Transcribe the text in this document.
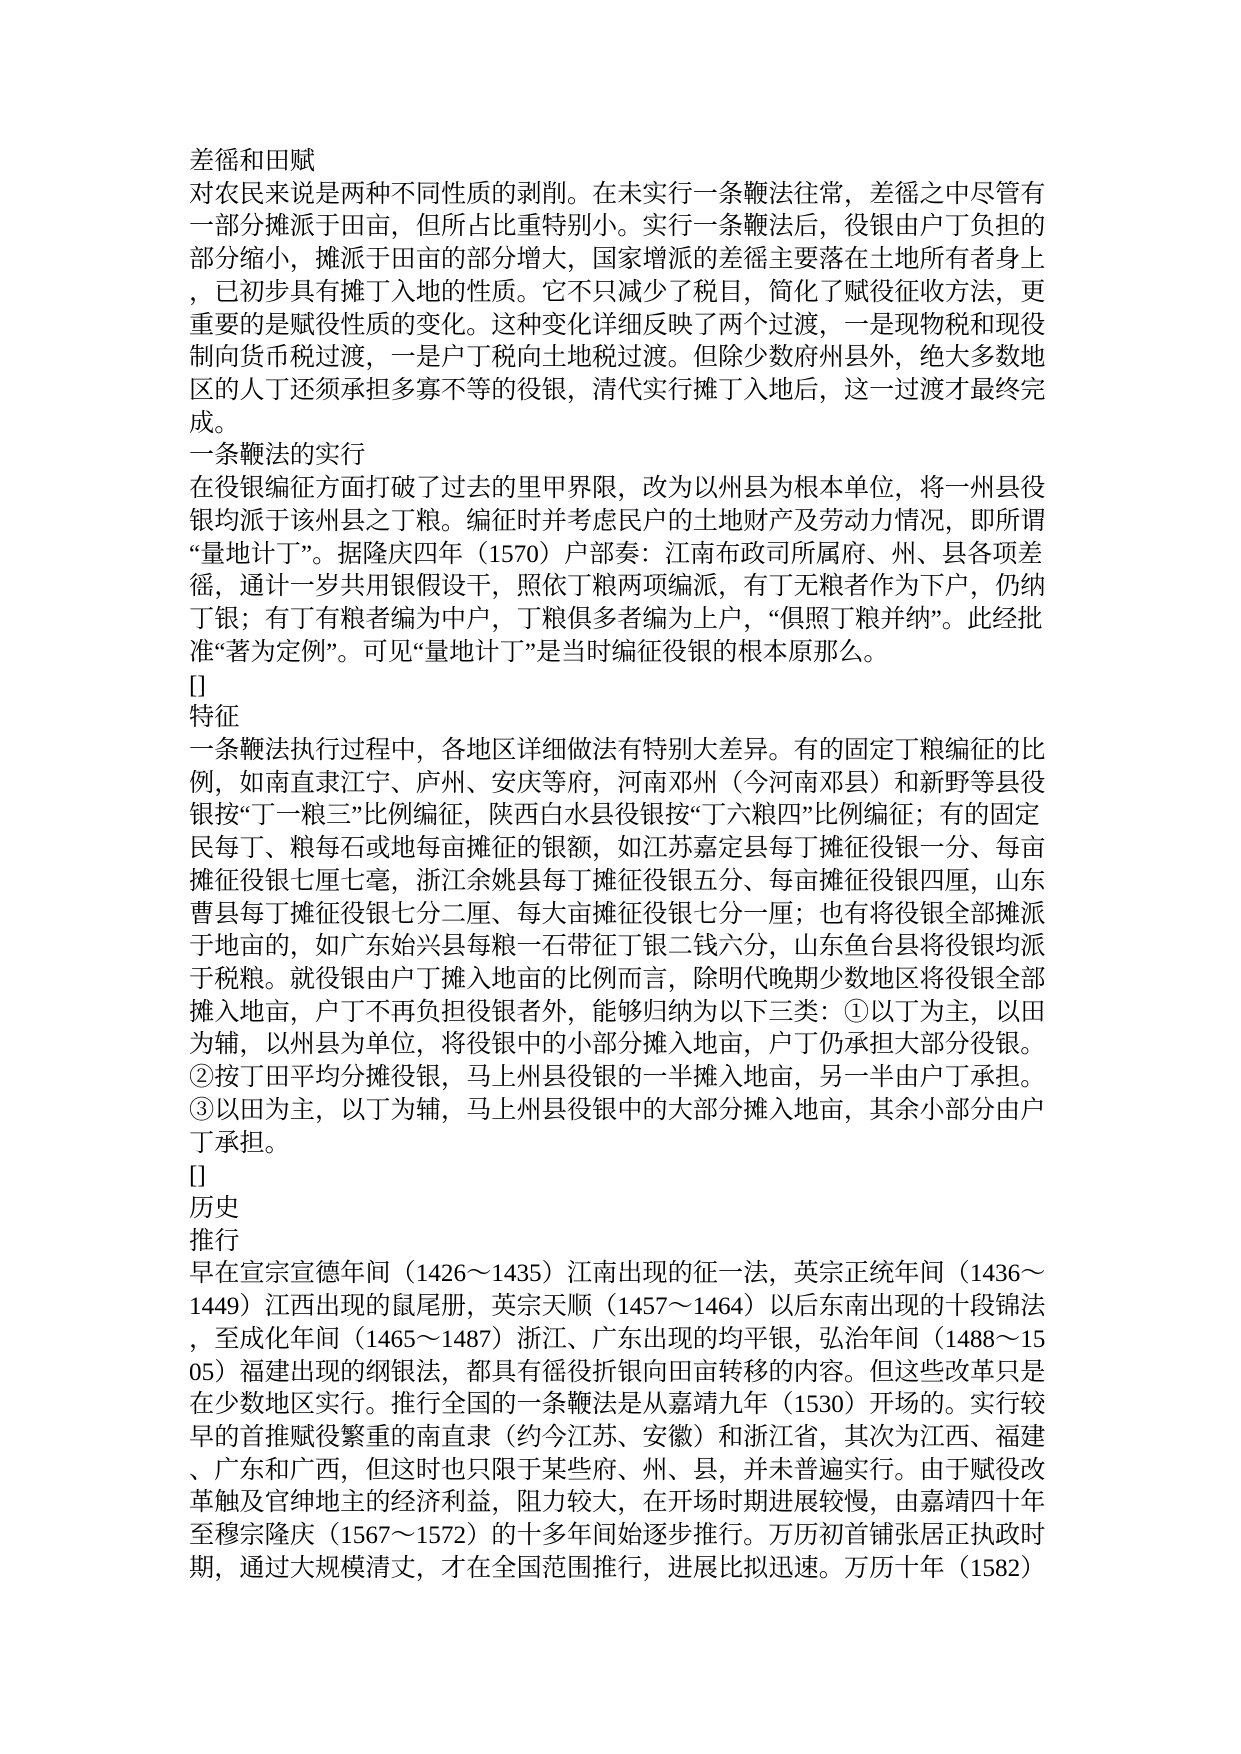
差徭和田赋
对农民来说是两种不同性质的剥削。在未实行一条鞭法往常，差徭之中尽管有
一部分摊派于田亩，但所占比重特别小。实行一条鞭法后，役银由户丁负担的
部分缩小，摊派于田亩的部分增大，国家增派的差徭主要落在土地所有者身上
，已初步具有摊丁入地的性质。它不只减少了税目，简化了赋役征收方法，更
重要的是赋役性质的变化。这种变化详细反映了两个过渡，一是现物税和现役
制向货币税过渡，一是户丁税向土地税过渡。但除少数府州县外，绝大多数地
区的人丁还须承担多寡不等的役银，清代实行摊丁入地后，这一过渡才最终完
成。
一条鞭法的实行
在役银编征方面打破了过去的里甲界限，改为以州县为根本单位，将一州县役
银均派于该州县之丁粮。编征时并考虑民户的土地财产及劳动力情况，即所谓
“量地计丁”。据隆庆四年（1570）户部奏：江南布政司所属府、州、县各项差
徭，通计一岁共用银假设干，照依丁粮两项编派，有丁无粮者作为下户，仍纳
丁银；有丁有粮者编为中户，丁粮俱多者编为上户，“俱照丁粮并纳”。此经批
准“著为定例”。可见“量地计丁”是当时编征役银的根本原那么。
[]
特征
一条鞭法执行过程中，各地区详细做法有特别大差异。有的固定丁粮编征的比
例，如南直隶江宁、庐州、安庆等府，河南邓州（今河南邓县）和新野等县役
银按“丁一粮三”比例编征，陕西白水县役银按“丁六粮四”比例编征；有的固定
民每丁、粮每石或地每亩摊征的银额，如江苏嘉定县每丁摊征役银一分、每亩
摊征役银七厘七毫，浙江余姚县每丁摊征役银五分、每亩摊征役银四厘，山东
曹县每丁摊征役银七分二厘、每大亩摊征役银七分一厘；也有将役银全部摊派
于地亩的，如广东始兴县每粮一石带征丁银二钱六分，山东鱼台县将役银均派
于税粮。就役银由户丁摊入地亩的比例而言，除明代晚期少数地区将役银全部
摊入地亩，户丁不再负担役银者外，能够归纳为以下三类：①以丁为主，以田
为辅，以州县为单位，将役银中的小部分摊入地亩，户丁仍承担大部分役银。
②按丁田平均分摊役银，马上州县役银的一半摊入地亩，另一半由户丁承担。
③以田为主，以丁为辅，马上州县役银中的大部分摊入地亩，其余小部分由户
丁承担。
[]
历史
推行
早在宣宗宣德年间（1426～1435）江南出现的征一法，英宗正统年间（1436～
1449）江西出现的鼠尾册，英宗天顺（1457～1464）以后东南出现的十段锦法
，至成化年间（1465～1487）浙江、广东出现的均平银，弘治年间（1488～15
05）福建出现的纲银法，都具有徭役折银向田亩转移的内容。但这些改革只是
在少数地区实行。推行全国的一条鞭法是从嘉靖九年（1530）开场的。实行较
早的首推赋役繁重的南直隶（约今江苏、安徽）和浙江省，其次为江西、福建
、广东和广西，但这时也只限于某些府、州、县，并未普遍实行。由于赋役改
革触及官绅地主的经济利益，阻力较大，在开场时期进展较慢，由嘉靖四十年
至穆宗隆庆（1567～1572）的十多年间始逐步推行。万历初首铺张居正执政时
期，通过大规模清丈，才在全国范围推行，进展比拟迅速。万历十年（1582）
